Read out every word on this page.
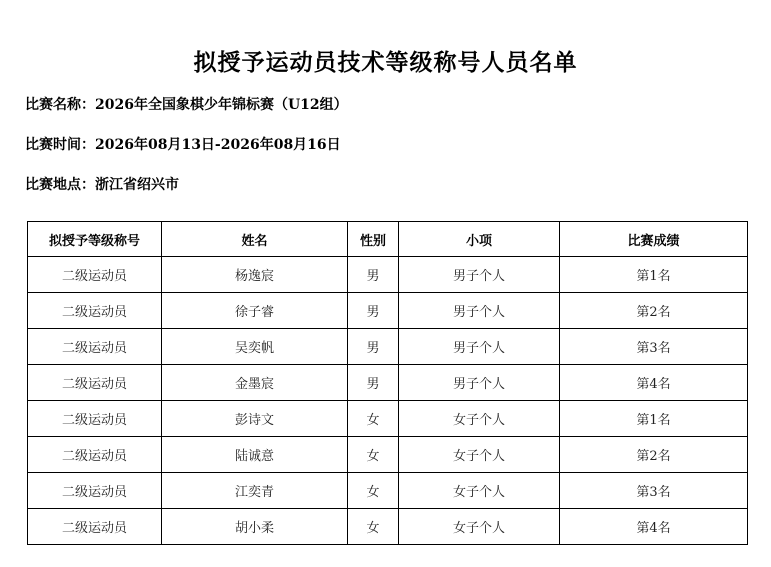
拟授予运动员技术等级称号人员名单
比赛名称：2026年全国象棋少年锦标赛（U12组）
比赛时间：2026年08月13日-2026年08月16日
比赛地点：浙江省绍兴市
拟授予等级称号	姓名	性别	小项	比赛成绩
二级运动员	杨逸宸	男	男子个人	第1名
二级运动员	徐子睿	男	男子个人	第2名
二级运动员	吴奕帆	男	男子个人	第3名
二级运动员	金墨宸	男	男子个人	第4名
二级运动员	彭诗文	女	女子个人	第1名
二级运动员	陆诚意	女	女子个人	第2名
二级运动员	江奕青	女	女子个人	第3名
二级运动员	胡小柔	女	女子个人	第4名
